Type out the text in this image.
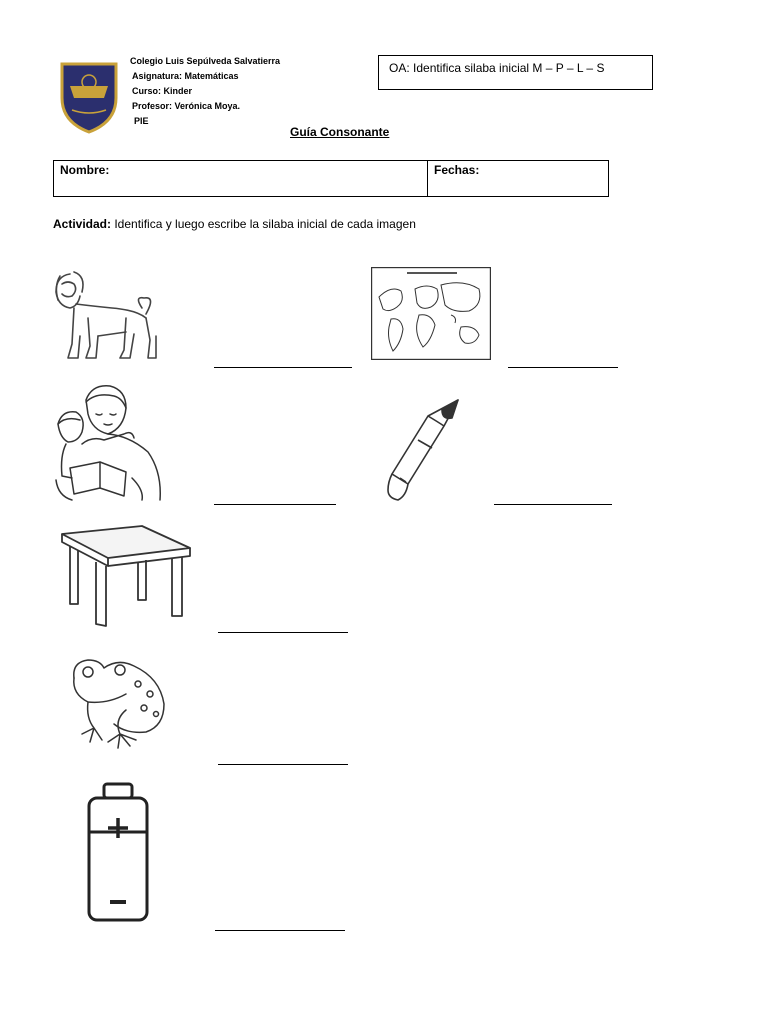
Colegio Luis Sepúlveda Salvatierra
Asignatura: Matemáticas
Curso: Kinder
Profesor: Verónica Moya.
PIE
OA: Identifica silaba inicial M – P – L – S
Guía Consonante
Nombre:	Fechas:
Actividad: Identifica y luego escribe la silaba inicial de cada imagen
